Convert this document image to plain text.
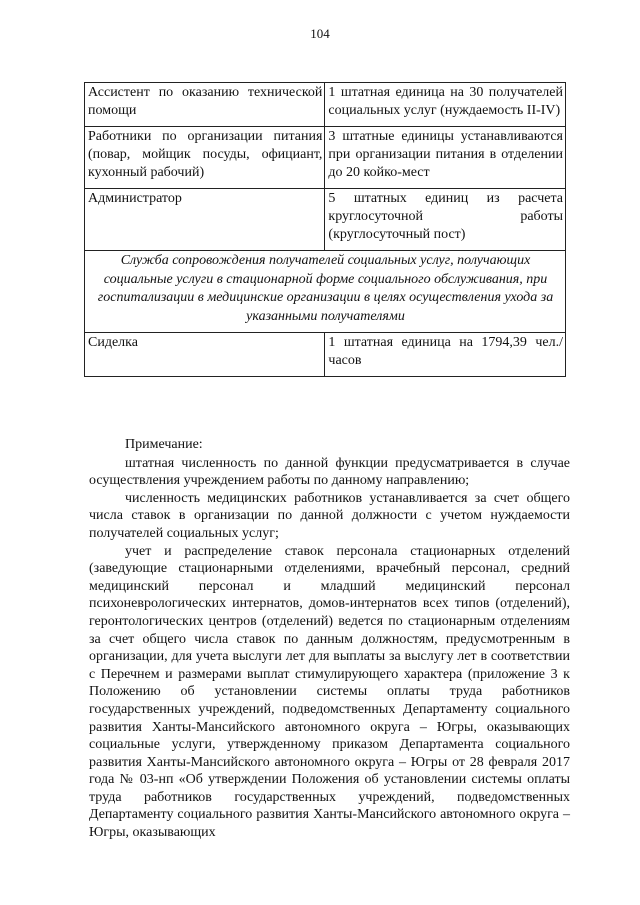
104
Ассистент по оказанию технической помощи	1 штатная единица на 30 получателей социальных услуг (нуждаемость II-IV)
Работники по организации питания (повар, мойщик посуды, официант, кухонный рабочий)	3 штатные единицы устанавливаются при организации питания в отделении до 20 койко-мест
Администратор	5 штатных единиц из расчета круглосуточной работы (круглосуточный пост)
Служба сопровождения получателей социальных услуг, получающих социальные услуги в стационарной форме социального обслуживания, при госпитализации в медицинские организации в целях осуществления ухода за указанными получателями	
Сиделка	1 штатная единица на 1794,39 чел./часов

Примечание:

штатная численность по данной функции предусматривается в случае осуществления учреждением работы по данному направлению;

численность медицинских работников устанавливается за счет общего числа ставок в организации по данной должности с учетом нуждаемости получателей социальных услуг;

учет и распределение ставок персонала стационарных отделений (заведующие стационарными отделениями, врачебный персонал, средний медицинский персонал и младший медицинский персонал психоневрологических интернатов, домов-интернатов всех типов (отделений), геронтологических центров (отделений) ведется по стационарным отделениям за счет общего числа ставок по данным должностям, предусмотренным в организации, для учета выслуги лет для выплаты за выслугу лет в соответствии с Перечнем и размерами выплат стимулирующего характера (приложение 3 к Положению об установлении системы оплаты труда работников государственных учреждений, подведомственных Департаменту социального развития Ханты-Мансийского автономного округа – Югры, оказывающих социальные услуги, утвержденному приказом Департамента социального развития Ханты-Мансийского автономного округа – Югры от 28 февраля 2017 года № 03-нп «Об утверждении Положения об установлении системы оплаты труда работников государственных учреждений, подведомственных Департаменту социального развития Ханты-Мансийского автономного округа – Югры, оказывающих
